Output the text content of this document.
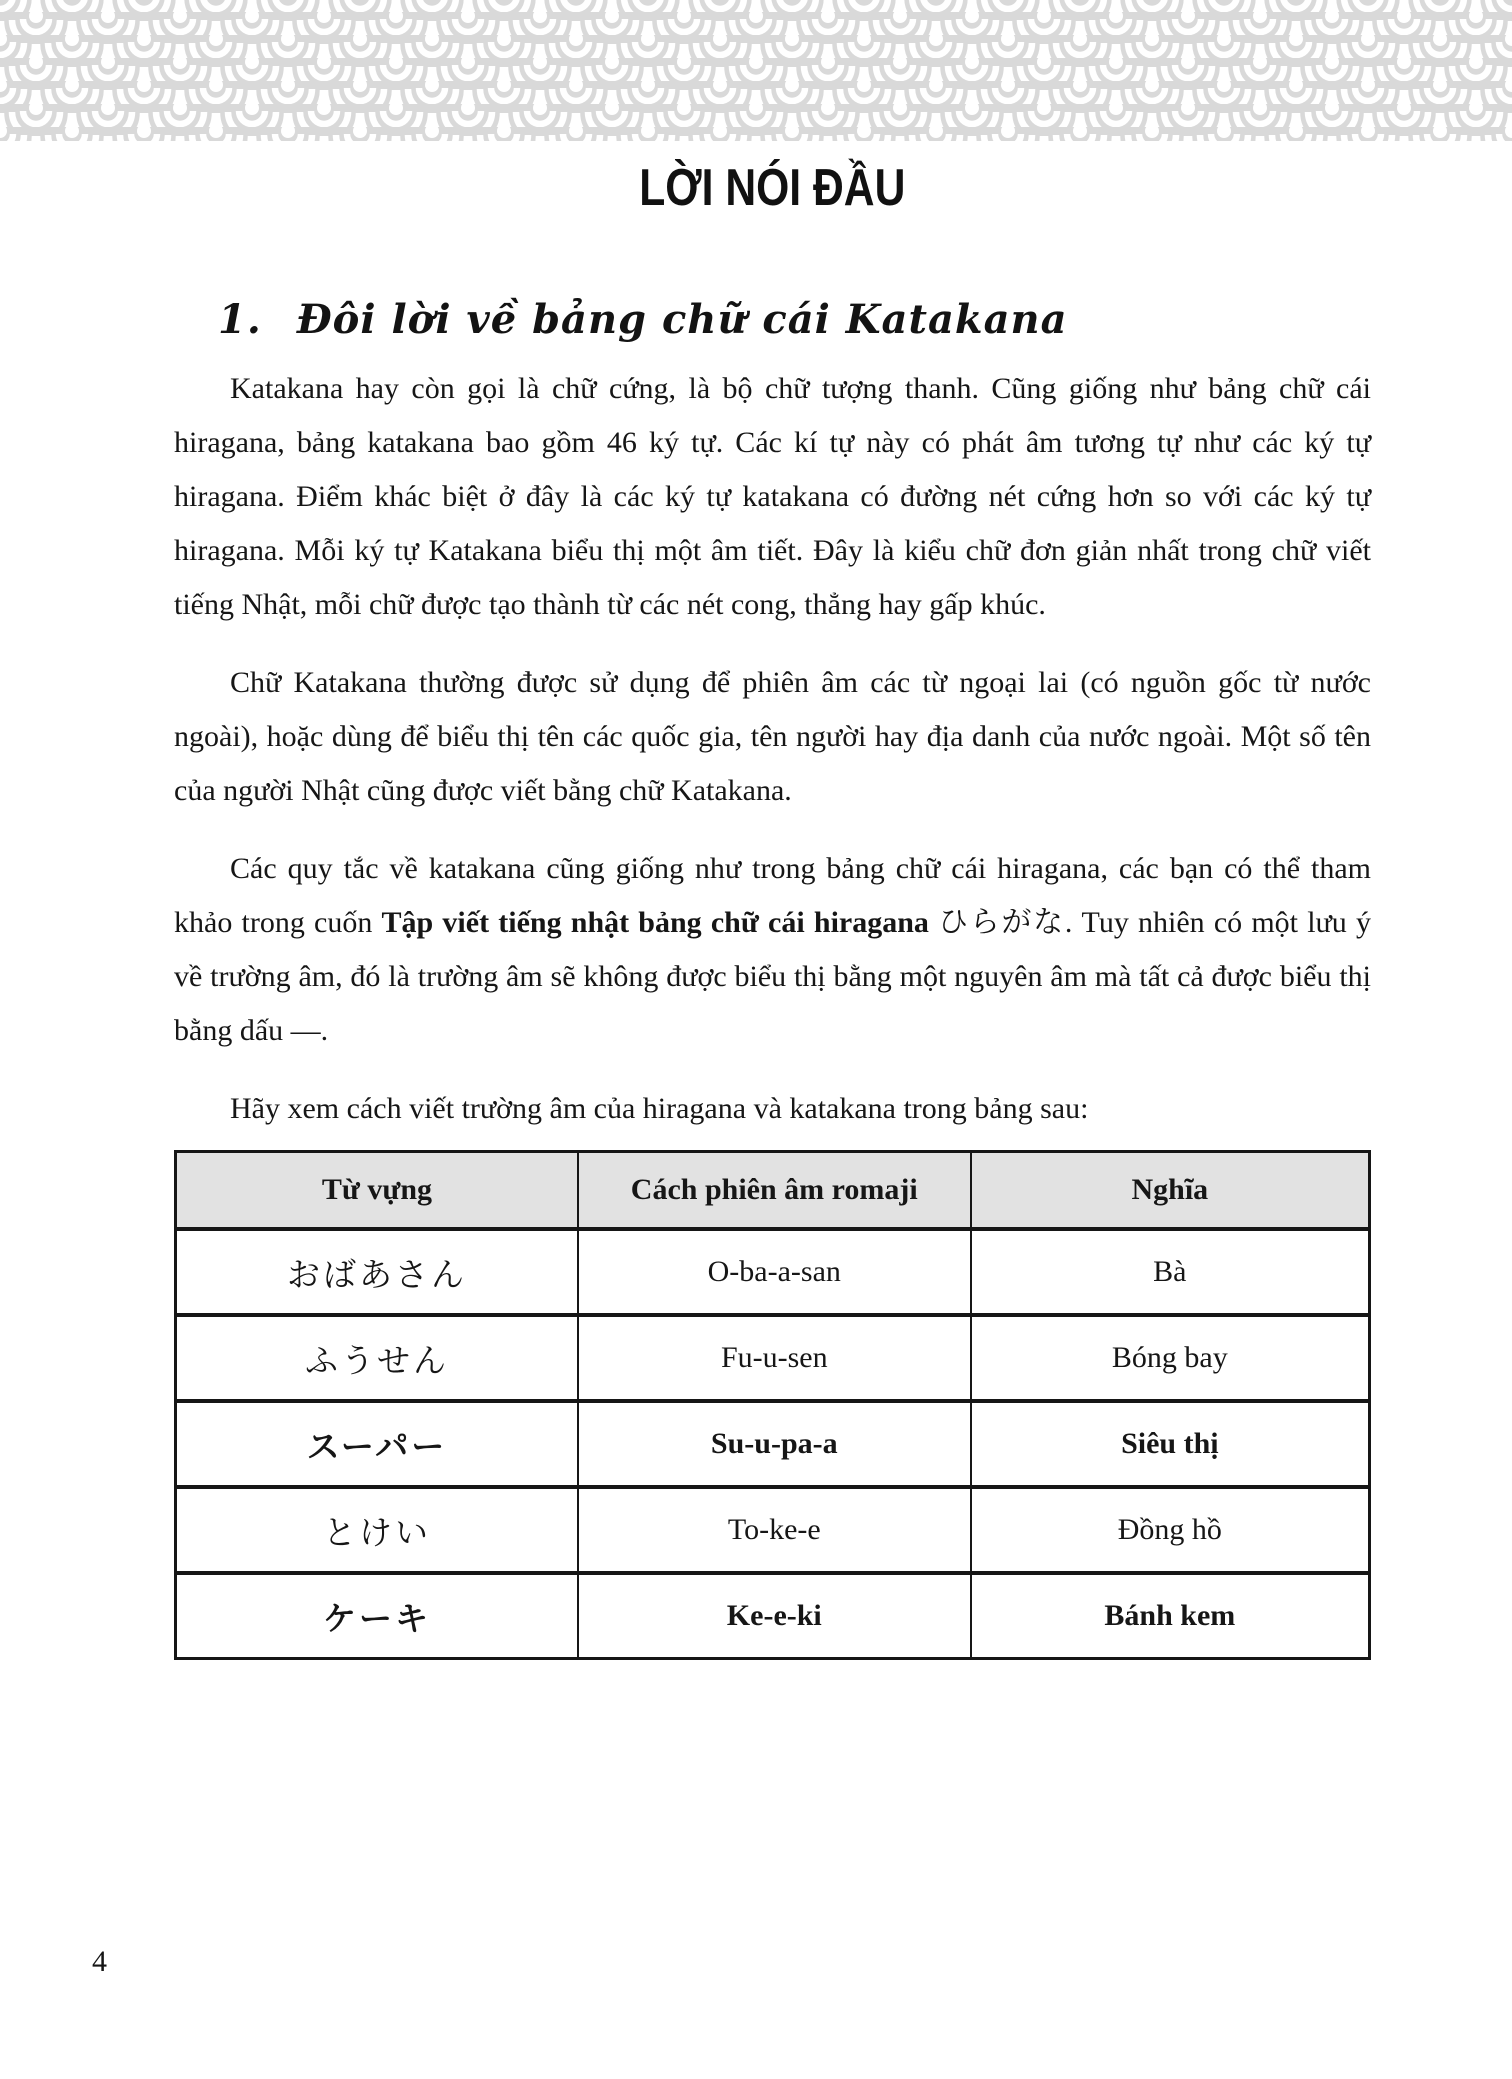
LỜI NÓI ĐẦU
1. Đôi lời về bảng chữ cái Katakana

Katakana hay còn gọi là chữ cứng, là bộ chữ tượng thanh. Cũng giống như bảng chữ cái hiragana, bảng katakana bao gồm 46 ký tự. Các kí tự này có phát âm tương tự như các ký tự hiragana. Điểm khác biệt ở đây là các ký tự katakana có đường nét cứng hơn so với các ký tự hiragana. Mỗi ký tự Katakana biểu thị một âm tiết. Đây là kiểu chữ đơn giản nhất trong chữ viết tiếng Nhật, mỗi chữ được tạo thành từ các nét cong, thẳng hay gấp khúc.

Chữ Katakana thường được sử dụng để phiên âm các từ ngoại lai (có nguồn gốc từ nước ngoài), hoặc dùng để biểu thị tên các quốc gia, tên người hay địa danh của nước ngoài. Một số tên của người Nhật cũng được viết bằng chữ Katakana.

Các quy tắc về katakana cũng giống như trong bảng chữ cái hiragana, các bạn có thể tham khảo trong cuốn Tập viết tiếng nhật bảng chữ cái hiragana ひらがな. Tuy nhiên có một lưu ý về trường âm, đó là trường âm sẽ không được biểu thị bằng một nguyên âm mà tất cả được biểu thị bằng dấu ―.

Hãy xem cách viết trường âm của hiragana và katakana trong bảng sau:

Từ vựng	Cách phiên âm romaji	Nghĩa
おばあさん	O-ba-a-san	Bà
ふうせん	Fu-u-sen	Bóng bay
スーパー	Su-u-pa-a	Siêu thị
とけい	To-ke-e	Đồng hồ
ケーキ	Ke-e-ki	Bánh kem
4
